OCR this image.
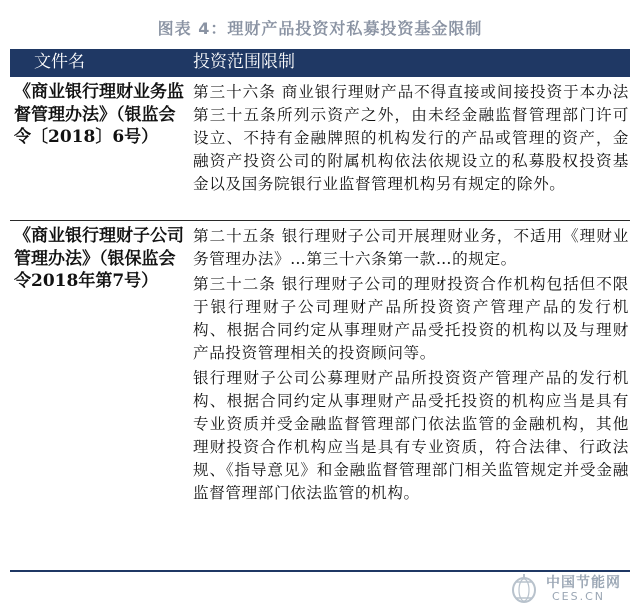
图表 4：理财产品投资对私募投资基金限制
文件名	投资范围限制
《商业银行理财业务监督管理办法》（银监会令〔2018〕6号）

第三十六条 商业银行理财产品不得直接或间接投资于本办法第三十五条所列示资产之外，由未经金融监督管理部门许可设立、不持有金融牌照的机构发行的产品或管理的资产，金融资产投资公司的附属机构依法依规设立的私募股权投资基金以及国务院银行业监督管理机构另有规定的除外。

《商业银行理财子公司管理办法》（银保监会令2018年第7号）

第二十五条 银行理财子公司开展理财业务，不适用《理财业务管理办法》…第三十六条第一款…的规定。

第三十二条 银行理财子公司的理财投资合作机构包括但不限于银行理财子公司理财产品所投资资产管理产品的发行机构、根据合同约定从事理财产品受托投资的机构以及与理财产品投资管理相关的投资顾问等。

银行理财子公司公募理财产品所投资资产管理产品的发行机构、根据合同约定从事理财产品受托投资的机构应当是具有专业资质并受金融监督管理部门依法监管的金融机构，其他理财投资合作机构应当是具有专业资质，符合法律、行政法规、《指导意见》和金融监督管理部门相关监管规定并受金融监督管理部门依法监管的机构。

中国节能网
CES.CN
